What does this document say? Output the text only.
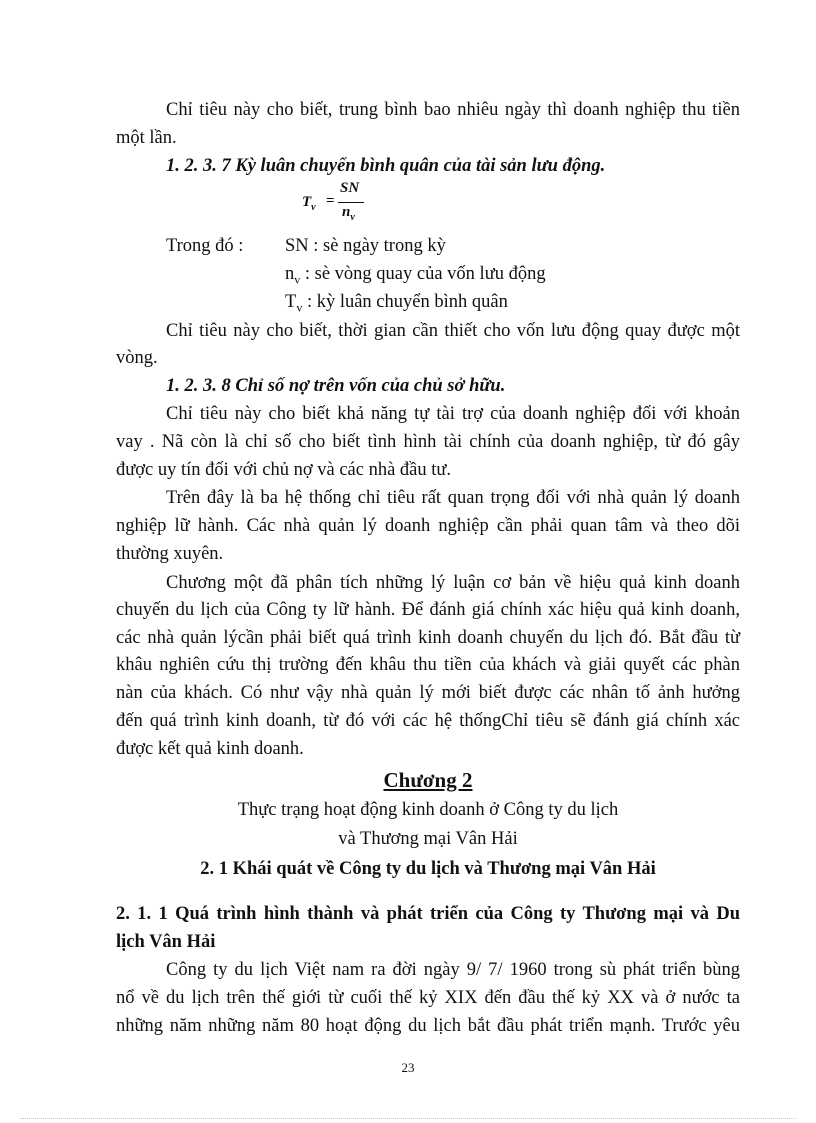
Chỉ tiêu này cho biết, trung bình bao nhiêu ngày thì doanh nghiệp thu tiền
một lần.
1. 2. 3. 7 Kỳ luân chuyển bình quân của tài sản lưu động.
$T_v$ =
SN
$n_v$
Trong đó : SN : sè ngày trong kỳ
$n_v$ : sè vòng quay của vốn lưu động
$T_v$ : kỳ luân chuyển bình quân
Chỉ tiêu này cho biết, thời gian cần thiết cho vốn lưu động quay được một
vòng.
1. 2. 3. 8 Chỉ số nợ trên vốn của chủ sở hữu.
Chỉ tiêu này cho biết khả năng tự tài trợ của doanh nghiệp đối với khoản
vay . Nã còn là chỉ số cho biết tình hình tài chính của doanh nghiệp, từ đó gây
được uy tín đối với chủ nợ và các nhà đầu tư.
Trên đây là ba hệ thống chỉ tiêu rất quan trọng đối với nhà quản lý doanh
nghiệp lữ hành. Các nhà quản lý doanh nghiệp cần phải quan tâm và theo dõi
thường xuyên.
Chương một đã phân tích những lý luận cơ bản về hiệu quả kinh doanh
chuyến du lịch của Công ty lữ hành. Để đánh giá chính xác hiệu quả kinh doanh,
các nhà quản lýcần phải biết quá trình kinh doanh chuyến du lịch đó. Bắt đầu từ
khâu nghiên cứu thị trường đến khâu thu tiền của khách và giải quyết các phàn
nàn của khách. Có như vậy nhà quản lý mới biết được các nhân tố ảnh hưởng
đến quá trình kinh doanh, từ đó với các hệ thốngChỉ tiêu sẽ đánh giá chính xác
được kết quả kinh doanh.
Chương 2
Thực trạng hoạt động kinh doanh ở Công ty du lịch
và Thương mại Vân Hải
2. 1 Khái quát về Công ty du lịch và Thương mại Vân Hải
2. 1. 1 Quá trình hình thành và phát triển của Công ty Thương mại và Du
lịch Vân Hải
Công ty du lịch Việt nam ra đời ngày 9/ 7/ 1960 trong sù phát triển bùng
nổ về du lịch trên thế giới từ cuối thế kỷ XIX đến đầu thế kỷ XX và ở nước ta
những năm những năm 80 hoạt động du lịch bắt đầu phát triển mạnh. Trước yêu
23
